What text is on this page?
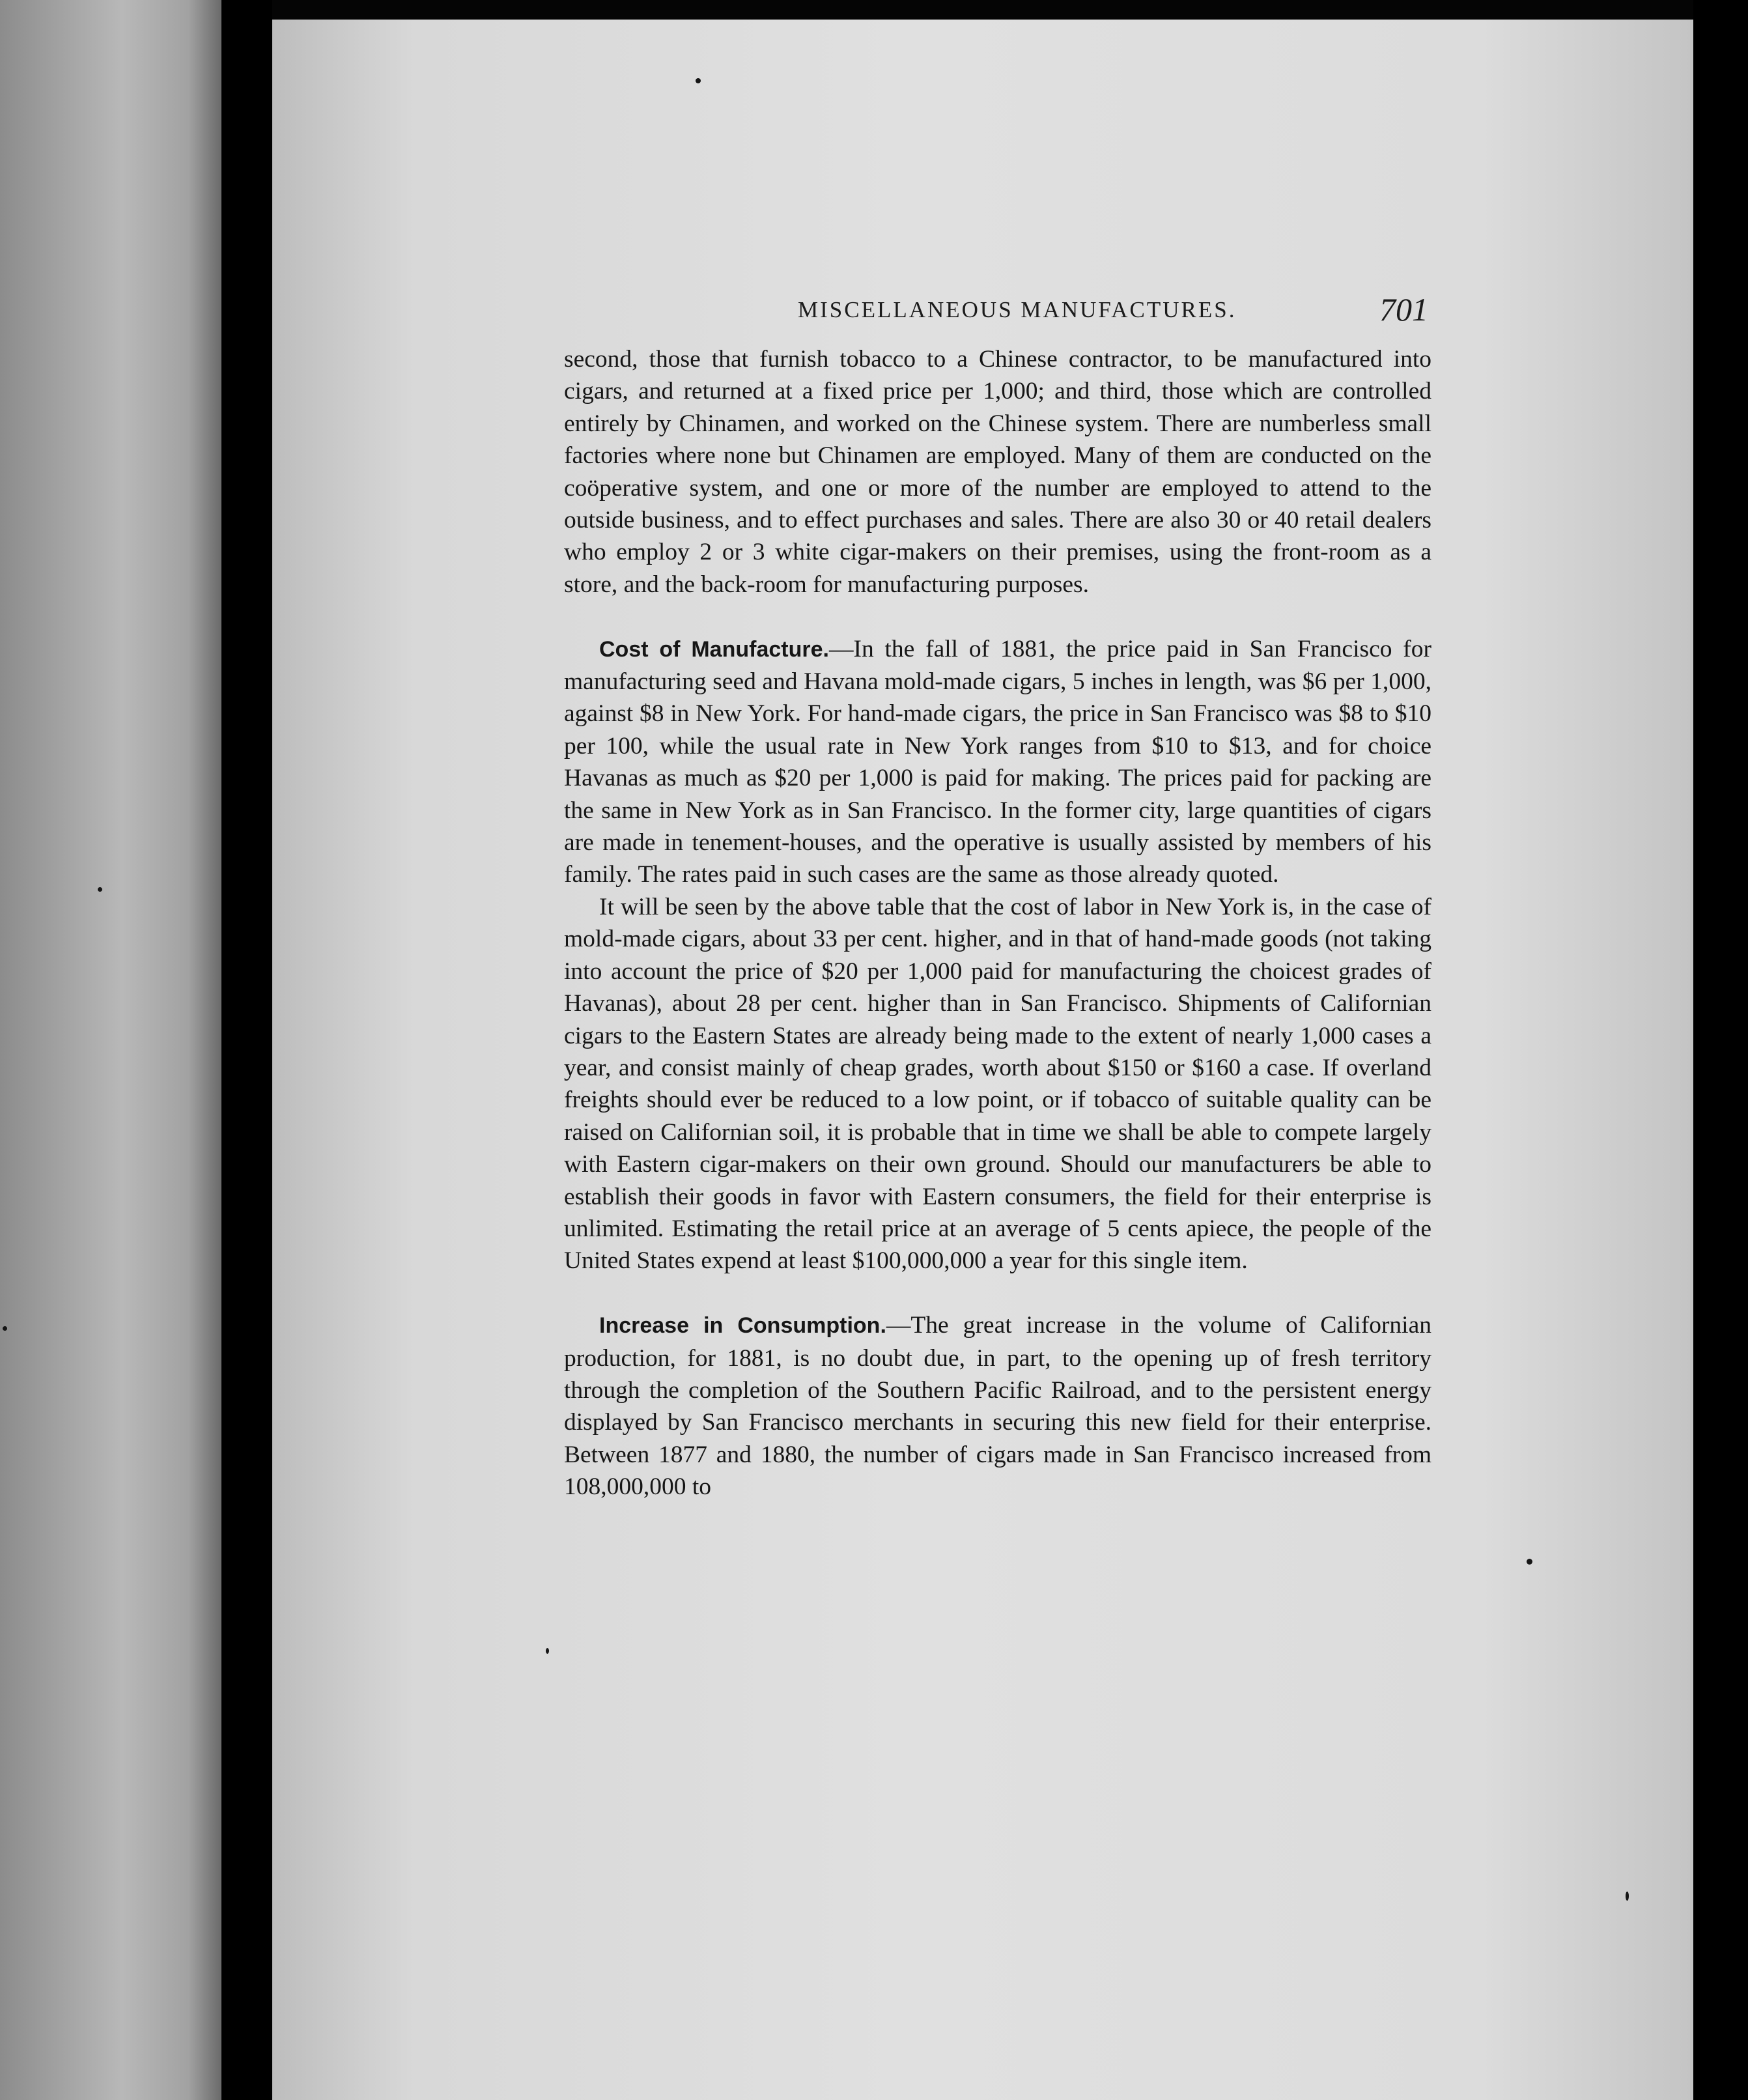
MISCELLANEOUS MANUFACTURES.	701

second, those that furnish tobacco to a Chinese contractor, to be manufactured into cigars, and returned at a fixed price per 1,000; and third, those which are controlled entirely by Chinamen, and worked on the Chinese system. There are numberless small factories where none but Chinamen are employed. Many of them are conducted on the coöperative system, and one or more of the number are employed to attend to the outside business, and to effect purchases and sales. There are also 30 or 40 retail dealers who employ 2 or 3 white cigar-makers on their premises, using the front-room as a store, and the back-room for manufacturing purposes.

Cost of Manufacture.—In the fall of 1881, the price paid in San Francisco for manufacturing seed and Havana mold-made cigars, 5 inches in length, was $6 per 1,000, against $8 in New York. For hand-made cigars, the price in San Francisco was $8 to $10 per 100, while the usual rate in New York ranges from $10 to $13, and for choice Havanas as much as $20 per 1,000 is paid for making. The prices paid for packing are the same in New York as in San Francisco. In the former city, large quantities of cigars are made in tenement-houses, and the operative is usually assisted by members of his family. The rates paid in such cases are the same as those already quoted.

It will be seen by the above table that the cost of labor in New York is, in the case of mold-made cigars, about 33 per cent. higher, and in that of hand-made goods (not taking into account the price of $20 per 1,000 paid for manufacturing the choicest grades of Havanas), about 28 per cent. higher than in San Francisco. Shipments of Californian cigars to the Eastern States are already being made to the extent of nearly 1,000 cases a year, and consist mainly of cheap grades, worth about $150 or $160 a case. If overland freights should ever be reduced to a low point, or if tobacco of suitable quality can be raised on Californian soil, it is probable that in time we shall be able to compete largely with Eastern cigar-makers on their own ground. Should our manufacturers be able to establish their goods in favor with Eastern consumers, the field for their enterprise is unlimited. Estimating the retail price at an average of 5 cents apiece, the people of the United States expend at least $100,000,000 a year for this single item.

Increase in Consumption.—The great increase in the volume of Californian production, for 1881, is no doubt due, in part, to the opening up of fresh territory through the completion of the Southern Pacific Railroad, and to the persistent energy displayed by San Francisco merchants in securing this new field for their enterprise. Between 1877 and 1880, the number of cigars made in San Francisco increased from 108,000,000 to
